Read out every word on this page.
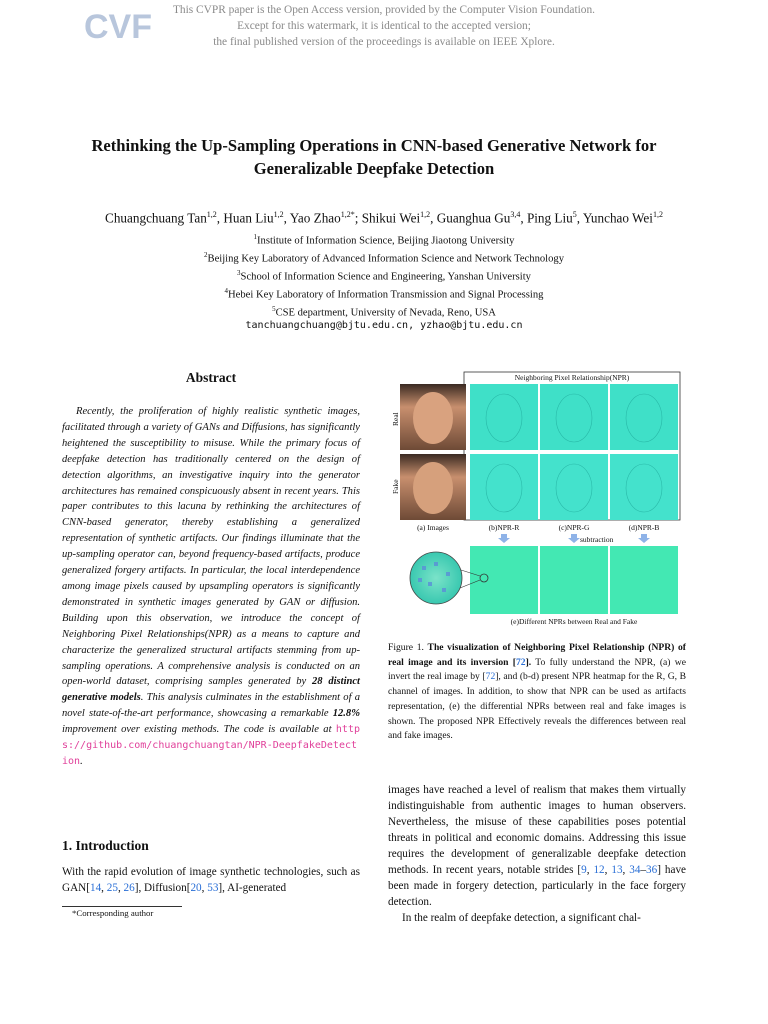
CVF	This CVPR paper is the Open Access version, provided by the Computer Vision Foundation.
Except for this watermark, it is identical to the accepted version;
the final published version of the proceedings is available on IEEE Xplore.
Rethinking the Up-Sampling Operations in CNN-based Generative Network for
Generalizable Deepfake Detection
Chuangchuang Tan$^{1,2}$, Huan Liu$^{1,2}$, Yao Zhao$^{1,2*}$; Shikui Wei$^{1,2}$, Guanghua Gu$^{3,4}$, Ping Liu$^5$, Yunchao Wei$^{1,2}$
$^1$Institute of Information Science, Beijing Jiaotong University
$^2$Beijing Key Laboratory of Advanced Information Science and Network Technology
$^3$School of Information Science and Engineering, Yanshan University
$^4$Hebei Key Laboratory of Information Transmission and Signal Processing
$^5$CSE department, University of Nevada, Reno, USA
tanchuangchuang@bjtu.edu.cn, yzhao@bjtu.edu.cn
Abstract
Recently, the proliferation of highly realistic synthetic images, facilitated through a variety of GANs and Diffusions, has significantly heightened the susceptibility to misuse. While the primary focus of deepfake detection has traditionally centered on the design of detection algorithms, an investigative inquiry into the generator architectures has remained conspicuously absent in recent years. This paper contributes to this lacuna by rethinking the architectures of CNN-based generator, thereby establishing a generalized representation of synthetic artifacts. Our findings illuminate that the up-sampling operator can, beyond frequency-based artifacts, produce generalized forgery artifacts. In particular, the local interdependence among image pixels caused by upsampling operators is significantly demonstrated in synthetic images generated by GAN or diffusion. Building upon this observation, we introduce the concept of Neighboring Pixel Relationships(NPR) as a means to capture and characterize the generalized structural artifacts stemming from up-sampling operations. A comprehensive analysis is conducted on an open-world dataset, comprising samples generated by 28 distinct generative models. This analysis culminates in the establishment of a novel state-of-the-art performance, showcasing a remarkable 12.8% improvement over existing methods. The code is available at https://github.com/chuangchuangtan/NPR-DeepfakeDetection.
1. Introduction
With the rapid evolution of image synthetic technologies, such as GAN[14, 25, 26], Diffusion[20, 53], AI-generated
*Corresponding author
Neighboring Pixel Relationship(NPR)
Real
Fake
(a) Images	(b)NPR-R	(c)NPR-G	(d)NPR-B
subtraction
(e)Different NPRs between Real and Fake
Figure 1. The visualization of Neighboring Pixel Relationship (NPR) of real image and its inversion [72]. To fully understand the NPR, (a) we invert the real image by [72], and (b-d) present NPR heatmap for the R, G, B channel of images. In addition, to show that NPR can be used as artifacts representation, (e) the differential NPRs between real and fake images is shown. The proposed NPR Effectively reveals the differences between real and fake images.

images have reached a level of realism that makes them virtually indistinguishable from authentic images to human observers. Nevertheless, the misuse of these capabilities poses potential threats in political and economic domains. Addressing this issue requires the development of generalizable deepfake detection methods. In recent years, notable strides [9, 12, 13, 34–36] have been made in forgery detection, particularly in the face forgery detection.

In the realm of deepfake detection, a significant chal-
